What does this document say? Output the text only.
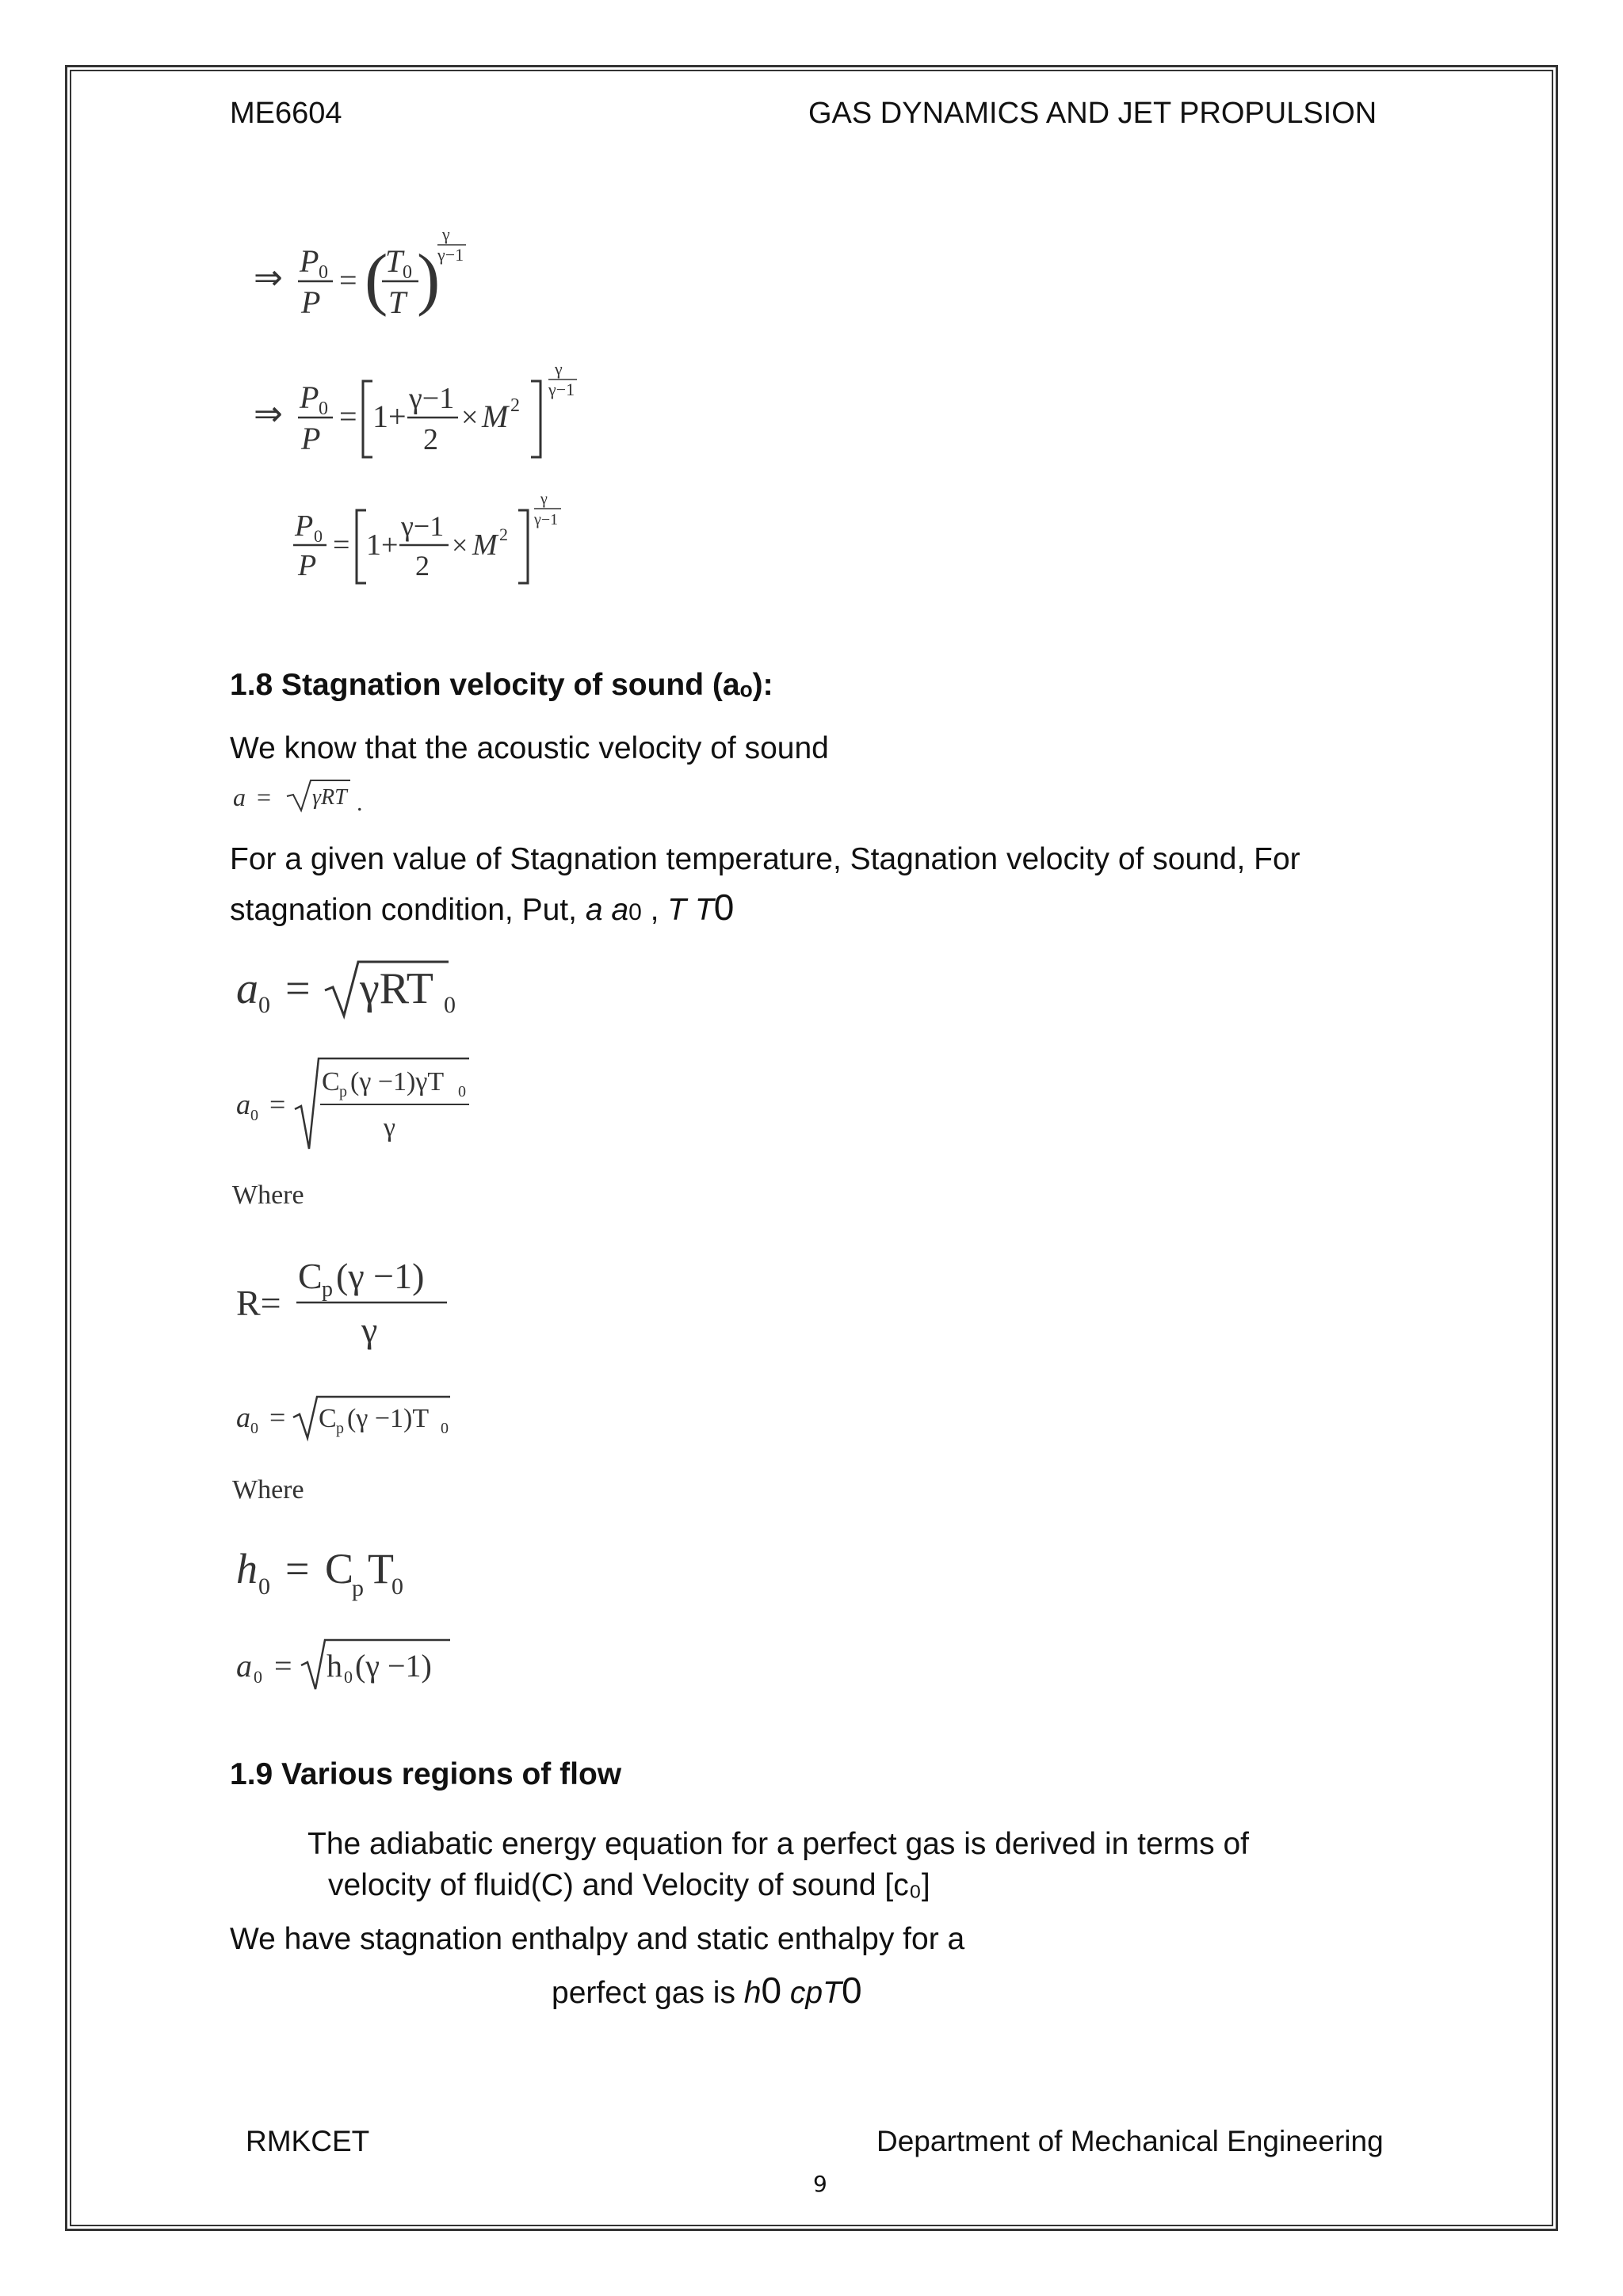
ME6604	GAS DYNAMICS AND JET PROPULSION
⇒ P 0
P
= (
T 0
T )
γ
γ−1
⇒ P 0
P
= 1+ γ−1
2
× M 2
γ
γ−1
P 0
P
= 1+
γ−1
2
× M 2
γ
γ−1
1.8 Stagnation velocity of sound (aₒ):
We know that the acoustic velocity of sound
a = γRT .
For a given value of Stagnation temperature, Stagnation velocity of sound, For
stagnation condition, Put, a a0 , T T0
a 0 = γRT 0
a 0 =
C p (γ −1)γT 0
γ
Where
R=
C p (γ −1)
γ
a 0 = C p (γ −1)T 0
Where
h 0 = C
p T
0
a 0 = h 0 (γ −1)
1.9 Various regions of flow
The adiabatic energy equation for a perfect gas is derived in terms of
velocity of fluid(C) and Velocity of sound [c₀]
We have stagnation enthalpy and static enthalpy for a
perfect gas is h0 cpT0
RMKCET	Department of Mechanical Engineering
9
